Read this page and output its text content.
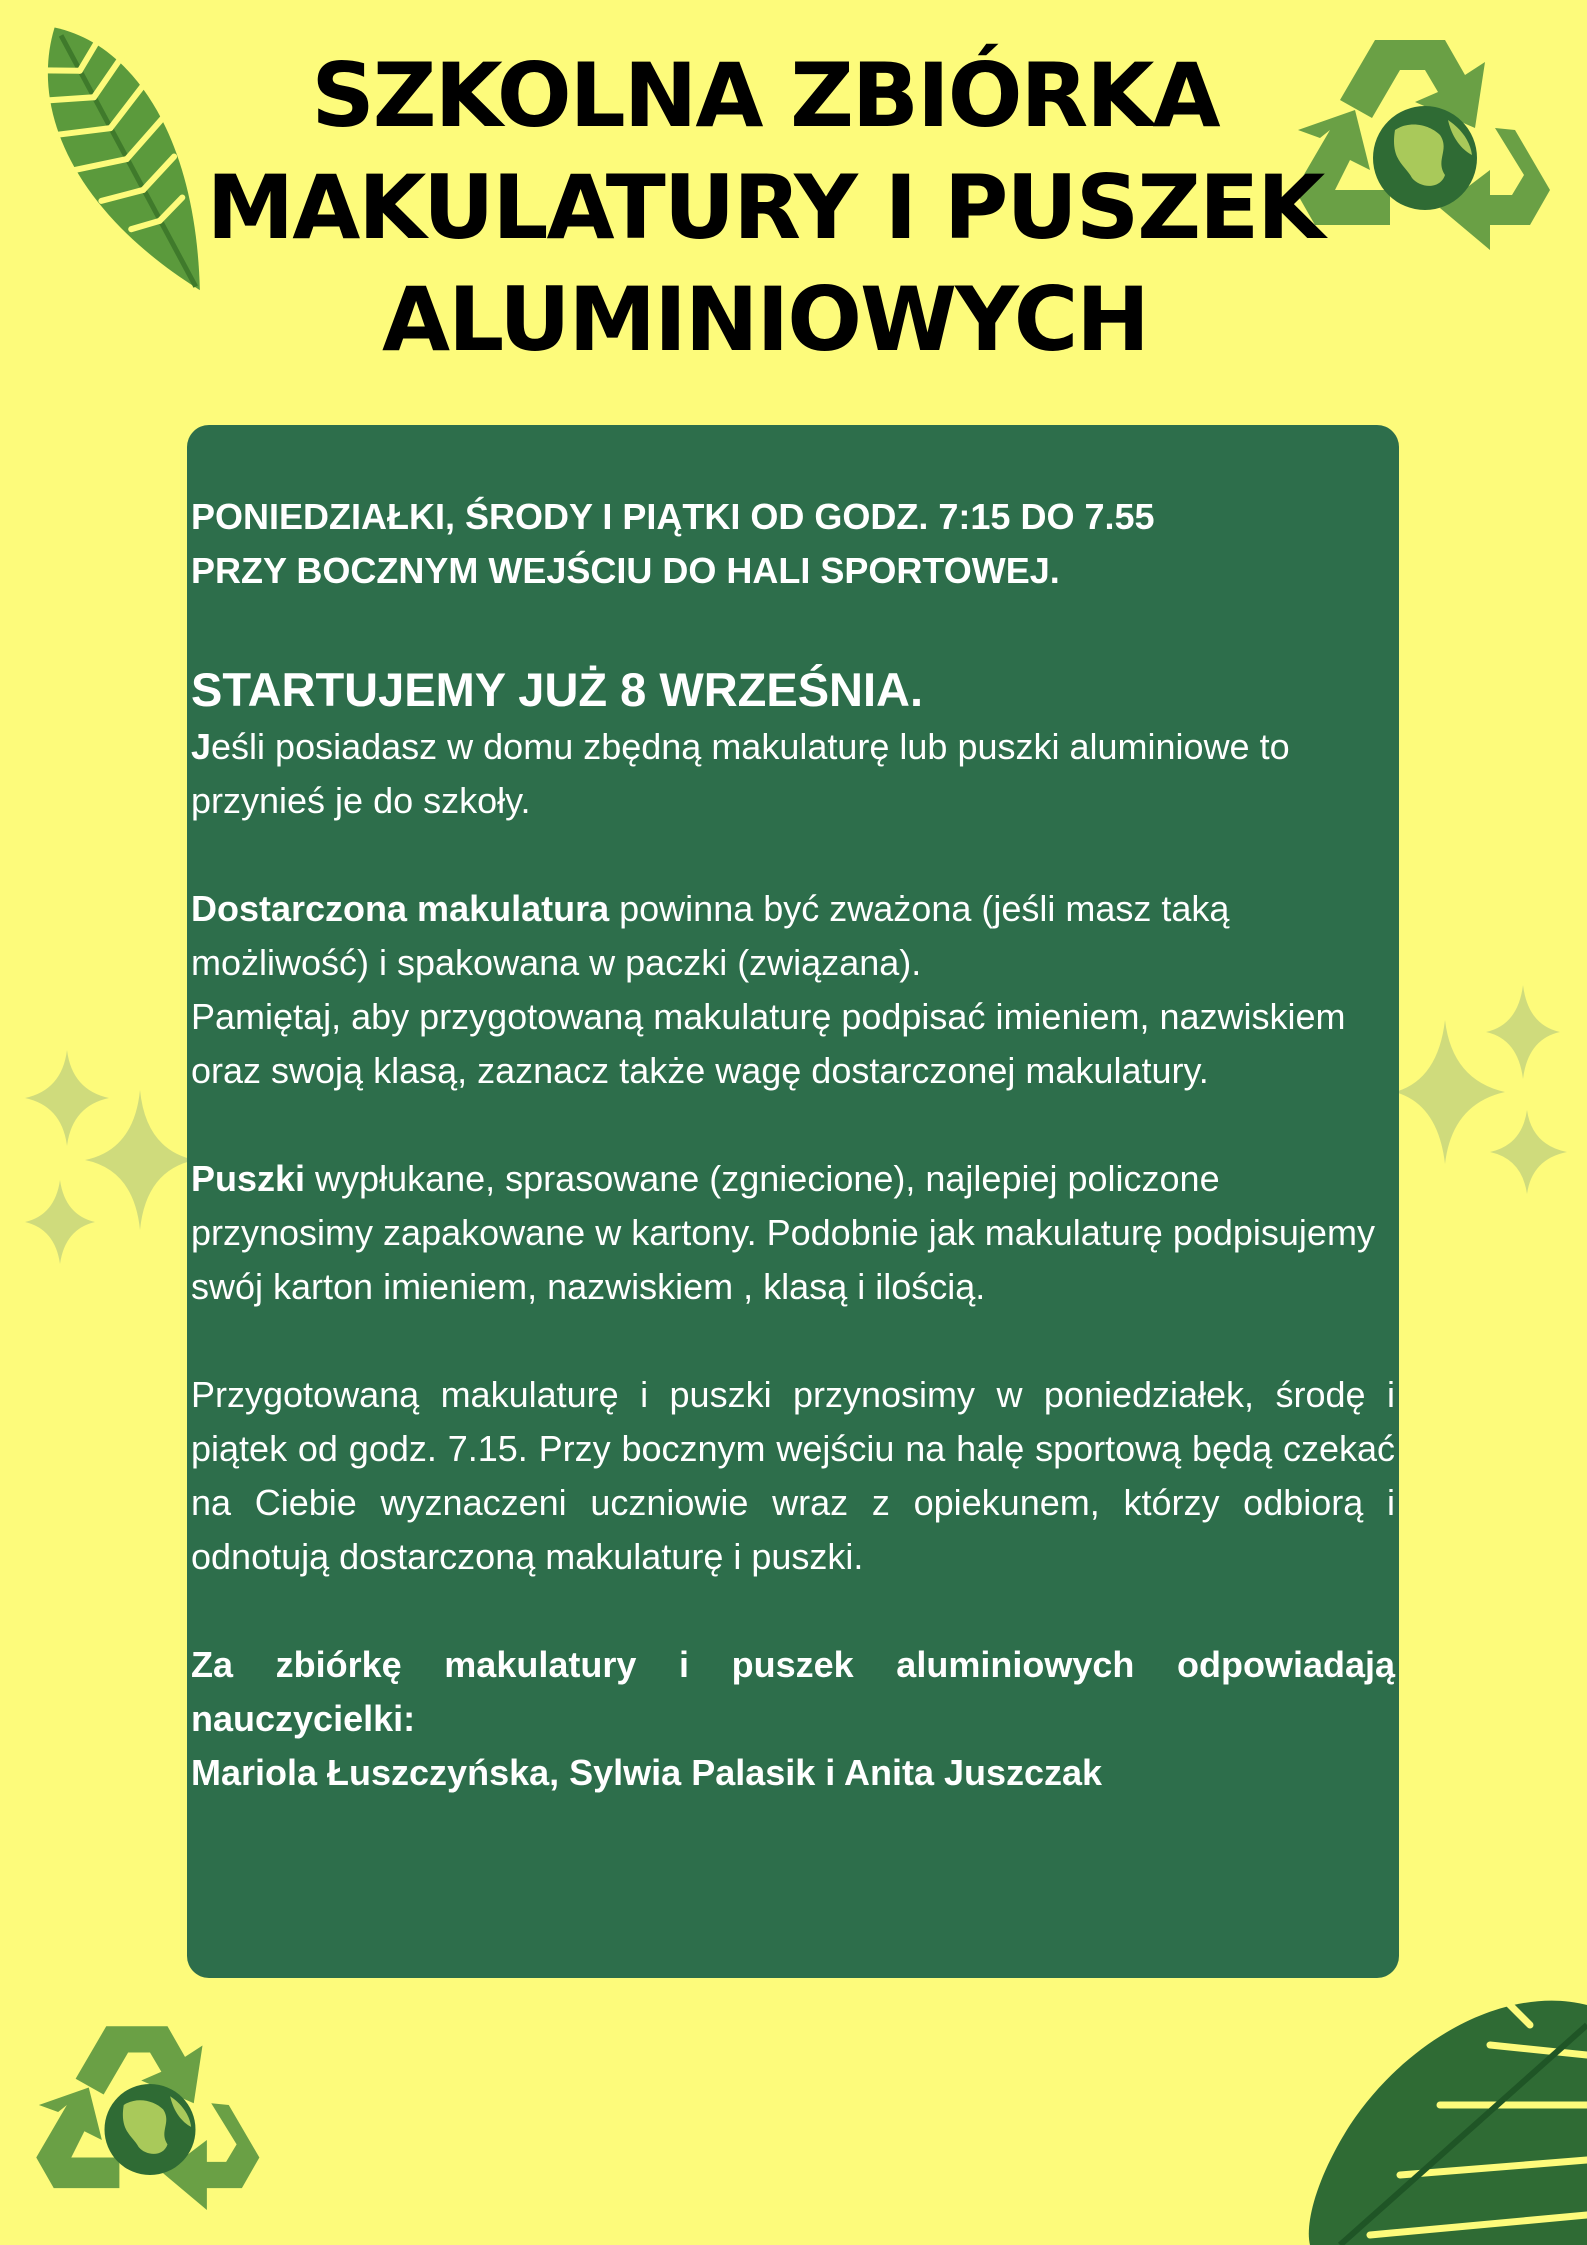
SZKOLNA ZBIÓRKA
MAKULATURY I PUSZEK
ALUMINIOWYCH

PONIEDZIAŁKI, ŚRODY I PIĄTKI OD GODZ. 7:15 DO 7.55
PRZY BOCZNYM WEJŚCIU DO HALI SPORTOWEJ.

STARTUJEMY JUŻ 8 WRZEŚNIA.

Jeśli posiadasz w domu zbędną makulaturę lub puszki aluminiowe to przynieś je do szkoły.

Dostarczona makulatura powinna być zważona (jeśli masz taką możliwość) i spakowana w paczki (związana).

Pamiętaj, aby przygotowaną makulaturę podpisać imieniem, nazwiskiem oraz swoją klasą, zaznacz także wagę dostarczonej makulatury.

Puszki wypłukane, sprasowane (zgniecione), najlepiej policzone przynosimy zapakowane w kartony. Podobnie jak makulaturę podpisujemy swój karton imieniem, nazwiskiem , klasą i ilością.

Przygotowaną makulaturę i puszki przynosimy w poniedziałek, środę i piątek od godz. 7.15. Przy bocznym wejściu na halę sportową będą czekać na Ciebie wyznaczeni uczniowie wraz z opiekunem, którzy odbiorą i odnotują dostarczoną makulaturę i puszki.

Za zbiórkę makulatury i puszek aluminiowych odpowiadają nauczycielki:

Mariola Łuszczyńska, Sylwia Palasik i Anita Juszczak
